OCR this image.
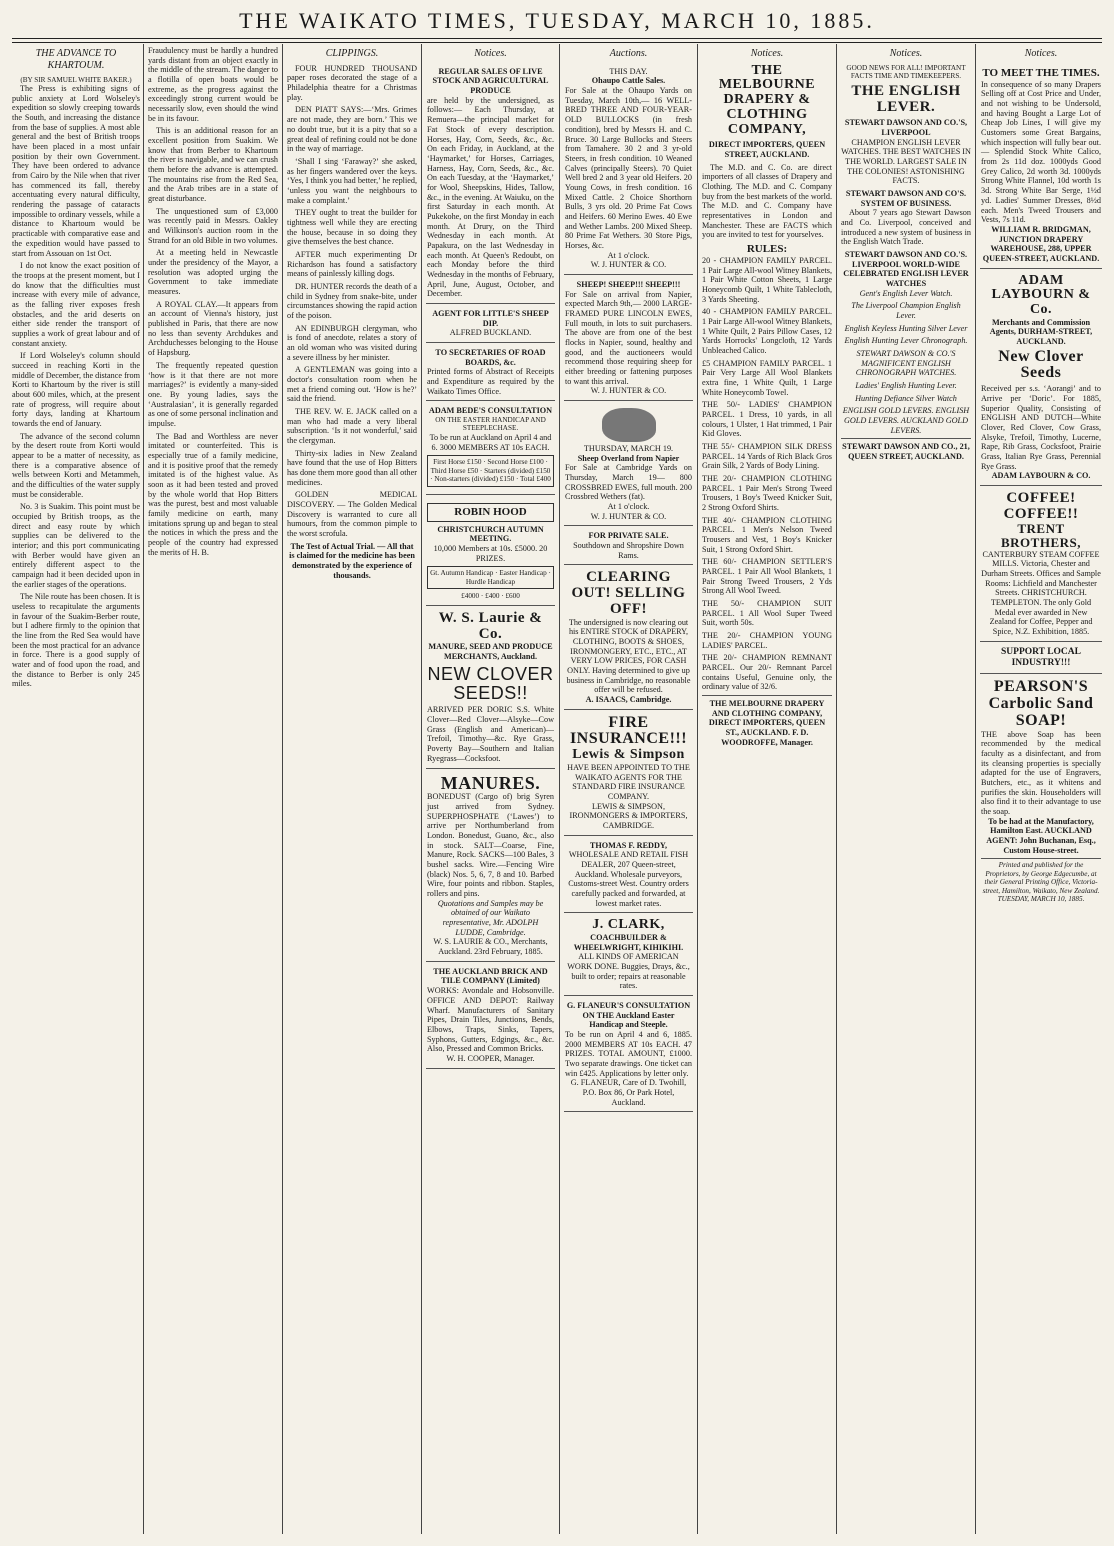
THE WAIKATO TIMES, TUESDAY, MARCH 10, 1885.
THE ADVANCE TO KHARTOUM.
(BY SIR SAMUEL WHITE BAKER.)

The Press is exhibiting signs of public anxiety at Lord Wolseley's expedition so slowly creeping towards the South, and increasing the distance from the base of supplies. A most able general and the best of British troops have been placed in a most unfair position by their own Government. They have been ordered to advance from Cairo by the Nile when that river has commenced its fall, thereby accentuating every natural difficulty, rendering the passage of cataracts impossible to ordinary vessels, while a distance to Khartoum would be practicable with comparative ease and the expedition would have passed to start from Assouan on 1st Oct.

I do not know the exact position of the troops at the present moment, but I do know that the difficulties must increase with every mile of advance, as the falling river exposes fresh obstacles, and the arid deserts on either side render the transport of supplies a work of great labour and of constant anxiety.

If Lord Wolseley's column should succeed in reaching Korti in the middle of December, the distance from Korti to Khartoum by the river is still about 600 miles, which, at the present rate of progress, will require about forty days, landing at Khartoum towards the end of January.

The advance of the second column by the desert route from Korti would appear to be a matter of necessity, as there is a comparative absence of wells between Korti and Metammeh, and the difficulties of the water supply must be considerable.

No. 3 is Suakim. This point must be occupied by British troops, as the direct and easy route by which supplies can be delivered to the interior; and this port communicating with Berber would have given an entirely different aspect to the campaign had it been decided upon in the earlier stages of the operations.

The Nile route has been chosen. It is useless to recapitulate the arguments in favour of the Suakim-Berber route, but I adhere firmly to the opinion that the line from the Red Sea would have been the most practical for an advance in force. There is a good supply of water and of food upon the road, and the distance to Berber is only 245 miles.

Fraudulency must be hardly a hundred yards distant from an object exactly in the middle of the stream. The danger to a flotilla of open boats would be extreme, as the progress against the exceedingly strong current would be necessarily slow, even should the wind be in its favour.

This is an additional reason for an excellent position from Suakim. We know that from Berber to Khartoum the river is navigable, and we can crush them before the advance is attempted. The mountains rise from the Red Sea, and the Arab tribes are in a state of great disturbance.

The unquestioned sum of £3,000 was recently paid in Messrs. Oakley and Wilkinson's auction room in the Strand for an old Bible in two volumes.

At a meeting held in Newcastle under the presidency of the Mayor, a resolution was adopted urging the Government to take immediate measures.

A ROYAL CLAY.—It appears from an account of Vienna's history, just published in Paris, that there are now no less than seventy Archdukes and Archduchesses belonging to the House of Hapsburg.

The frequently repeated question ‘how is it that there are not more marriages?’ is evidently a many-sided one. By young ladies, says the ‘Australasian’, it is generally regarded as one of some personal inclination and impulse.

The Bad and Worthless are never imitated or counterfeited. This is especially true of a family medicine, and it is positive proof that the remedy imitated is of the highest value. As soon as it had been tested and proved by the whole world that Hop Bitters was the purest, best and most valuable family medicine on earth, many imitations sprung up and began to steal the notices in which the press and the people of the country had expressed the merits of H. B.

CLIPPINGS.

FOUR HUNDRED THOUSAND paper roses decorated the stage of a Philadelphia theatre for a Christmas play.

DEN PIATT SAYS:—‘Mrs. Grimes are not made, they are born.’ This we no doubt true, but it is a pity that so a great deal of refining could not be done in the way of marriage.

‘Shall I sing ‘Faraway?’ she asked, as her fingers wandered over the keys. ‘Yes, I think you had better,’ he replied, ‘unless you want the neighbours to make a complaint.’

THEY ought to treat the builder for tightness well while they are erecting the house, because in so doing they give themselves the best chance.

AFTER much experimenting Dr Richardson has found a satisfactory means of painlessly killing dogs.

DR. HUNTER records the death of a child in Sydney from snake-bite, under circumstances showing the rapid action of the poison.

AN EDINBURGH clergyman, who is fond of anecdote, relates a story of an old woman who was visited during a severe illness by her minister.

A GENTLEMAN was going into a doctor's consultation room when he met a friend coming out. ‘How is he?’ said the friend.

THE REV. W. E. JACK called on a man who had made a very liberal subscription. ‘Is it not wonderful,’ said the clergyman.

Thirty-six ladies in New Zealand have found that the use of Hop Bitters has done them more good than all other medicines.

GOLDEN MEDICAL DISCOVERY. — The Golden Medical Discovery is warranted to cure all humours, from the common pimple to the worst scrofula.

The Test of Actual Trial. — All that is claimed for the medicine has been demonstrated by the experience of thousands.

Notices.
REGULAR SALES OF LIVE STOCK AND AGRICULTURAL PRODUCE
are held by the undersigned, as follows:— Each Thursday, at Remuera—the principal market for Fat Stock of every description. Horses, Hay, Corn, Seeds, &c., &c. On each Friday, in Auckland, at the ‘Haymarket,’ for Horses, Carriages, Harness, Hay, Corn, Seeds, &c., &c. On each Tuesday, at the ‘Haymarket,’ for Wool, Sheepskins, Hides, Tallow, &c., in the evening. At Waiuku, on the first Saturday in each month. At Pukekohe, on the first Monday in each month. At Drury, on the Third Wednesday in each month. At Papakura, on the last Wednesday in each month. At Queen's Redoubt, on each Monday before the third Wednesday in the months of February, April, June, August, October, and December.
AGENT FOR LITTLE'S SHEEP DIP.
ALFRED BUCKLAND.
TO SECRETARIES OF ROAD BOARDS, &c.
Printed forms of Abstract of Receipts and Expenditure as required by the Waikato Times Office.
ADAM BEDE'S CONSULTATION
ON THE EASTER HANDICAP AND STEEPLECHASE.
To be run at Auckland on April 4 and 6. 3000 MEMBERS AT 10s EACH.
First Horse £150 · Second Horse £100 · Third Horse £50 · Starters (divided) £150 · Non-starters (divided) £150 · Total £400
ROBIN HOOD
CHRISTCHURCH AUTUMN MEETING.
10,000 Members at 10s. £5000. 20 PRIZES.
Gt. Autumn Handicap · Easter Handicap · Hurdle Handicap
£4000 · £400 · £600
W. S. Laurie & Co.
MANURE, SEED AND PRODUCE MERCHANTS, Auckland.
NEW CLOVER SEEDS!!
ARRIVED PER DORIC S.S. White Clover—Red Clover—Alsyke—Cow Grass (English and American)—Trefoil, Timothy—&c. Rye Grass, Poverty Bay—Southern and Italian Ryegrass—Cocksfoot.
MANURES.
BONEDUST (Cargo of) brig Syren just arrived from Sydney. SUPERPHOSPHATE (‘Lawes’) to arrive per Northumberland from London. Bonedust, Guano, &c., also in stock. SALT—Coarse, Fine, Manure, Rock. SACKS—100 Bales, 3 bushel sacks. Wire.—Fencing Wire (black) Nos. 5, 6, 7, 8 and 10. Barbed Wire, four points and ribbon. Staples, rollers and pins.
Quotations and Samples may be obtained of our Waikato representative, Mr. ADOLPH LUDDE, Cambridge.
W. S. LAURIE & CO., Merchants, Auckland. 23rd February, 1885.
THE AUCKLAND BRICK AND TILE COMPANY (Limited)
WORKS: Avondale and Hobsonville. OFFICE AND DEPOT: Railway Wharf. Manufacturers of Sanitary Pipes, Drain Tiles, Junctions, Bends, Elbows, Traps, Sinks, Tapers, Syphons, Gutters, Edgings, &c., &c. Also, Pressed and Common Bricks.
W. H. COOPER, Manager.
Auctions.
THIS DAY.
Ohaupo Cattle Sales.
For Sale at the Ohaupo Yards on Tuesday, March 10th,— 16 WELL-BRED THREE AND FOUR-YEAR-OLD BULLOCKS (in fresh condition), bred by Messrs H. and C. Bruce. 30 Large Bullocks and Steers from Tamahere. 30 2 and 3 yr-old Steers, in fresh condition. 10 Weaned Calves (principally Steers). 70 Quiet Well bred 2 and 3 year old Heifers. 20 Young Cows, in fresh condition. 16 Mixed Cattle. 2 Choice Shorthorn Bulls, 3 yrs old. 20 Prime Fat Cows and Heifers. 60 Merino Ewes. 40 Ewe and Wether Lambs. 200 Mixed Sheep. 80 Prime Fat Wethers. 30 Store Pigs, Horses, &c.
At 1 o'clock.
W. J. HUNTER & CO.
SHEEP! SHEEP!!! SHEEP!!!
For Sale on arrival from Napier, expected March 9th,— 2000 LARGE-FRAMED PURE LINCOLN EWES, Full mouth, in lots to suit purchasers. The above are from one of the best flocks in Napier, sound, healthy and good, and the auctioneers would recommend those requiring sheep for either breeding or fattening purposes to want this arrival.
W. J. HUNTER & CO.
THURSDAY, MARCH 19.
Sheep Overland from Napier
For Sale at Cambridge Yards on Thursday, March 19— 800 CROSSBRED EWES, full mouth. 200 Crossbred Wethers (fat).
At 1 o'clock.
W. J. HUNTER & CO.
FOR PRIVATE SALE.
Southdown and Shropshire Down Rams.
CLEARING OUT! SELLING OFF!
The undersigned is now clearing out his ENTIRE STOCK of DRAPERY, CLOTHING, BOOTS & SHOES, IRONMONGERY, ETC., ETC., AT VERY LOW PRICES, FOR CASH ONLY. Having determined to give up business in Cambridge, no reasonable offer will be refused.
A. ISAACS, Cambridge.
FIRE INSURANCE!!!
Lewis & Simpson
HAVE BEEN APPOINTED TO THE WAIKATO AGENTS FOR THE STANDARD FIRE INSURANCE COMPANY.
LEWIS & SIMPSON, IRONMONGERS & IMPORTERS, CAMBRIDGE.
THOMAS F. REDDY,
WHOLESALE AND RETAIL FISH DEALER, 207 Queen-street, Auckland. Wholesale purveyors, Customs-street West. Country orders carefully packed and forwarded, at lowest market rates.
J. CLARK,
COACHBUILDER & WHEELWRIGHT, KIHIKIHI.
ALL KINDS OF AMERICAN WORK DONE. Buggies, Drays, &c., built to order; repairs at reasonable rates.
G. FLANEUR'S CONSULTATION
ON THE Auckland Easter Handicap and Steeple.
To be run on April 4 and 6, 1885. 2000 MEMBERS AT 10s EACH. 47 PRIZES. TOTAL AMOUNT, £1000. Two separate drawings. One ticket can win £425. Applications by letter only.
G. FLANEUR, Care of D. Twohill, P.O. Box 86, Or Park Hotel, Auckland.
Notices.
THE MELBOURNE DRAPERY & CLOTHING COMPANY,
DIRECT IMPORTERS, QUEEN STREET, AUCKLAND.

The M.D. and C. Co. are direct importers of all classes of Drapery and Clothing. The M.D. and C. Company buy from the best markets of the world. The M.D. and C. Company have representatives in London and Manchester. These are FACTS which you are invited to test for yourselves.

RULES:

20 - CHAMPION FAMILY PARCEL. 1 Pair Large All-wool Witney Blankets, 1 Pair White Cotton Sheets, 1 Large Honeycomb Quilt, 1 White Tablecloth, 3 Yards Sheeting.

40 - CHAMPION FAMILY PARCEL. 1 Pair Large All-wool Witney Blankets, 1 White Quilt, 2 Pairs Pillow Cases, 12 Yards Horrocks' Longcloth, 12 Yards Unbleached Calico.

£5 CHAMPION FAMILY PARCEL. 1 Pair Very Large All Wool Blankets extra fine, 1 White Quilt, 1 Large White Honeycomb Towel.

THE 50/- LADIES' CHAMPION PARCEL. 1 Dress, 10 yards, in all colours, 1 Ulster, 1 Hat trimmed, 1 Pair Kid Gloves.

THE 55/- CHAMPION SILK DRESS PARCEL. 14 Yards of Rich Black Gros Grain Silk, 2 Yards of Body Lining.

THE 20/- CHAMPION CLOTHING PARCEL. 1 Pair Men's Strong Tweed Trousers, 1 Boy's Tweed Knicker Suit, 2 Strong Oxford Shirts.

THE 40/- CHAMPION CLOTHING PARCEL. 1 Men's Nelson Tweed Trousers and Vest, 1 Boy's Knicker Suit, 1 Strong Oxford Shirt.

THE 60/- CHAMPION SETTLER'S PARCEL. 1 Pair All Wool Blankets, 1 Pair Strong Tweed Trousers, 2 Yds Strong All Wool Tweed.

THE 50/- CHAMPION SUIT PARCEL. 1 All Wool Super Tweed Suit, worth 50s.

THE 20/- CHAMPION YOUNG LADIES' PARCEL.

THE 20/- CHAMPION REMNANT PARCEL. Our 20/- Remnant Parcel contains Useful, Genuine only, the ordinary value of 32/6.

THE MELBOURNE DRAPERY AND CLOTHING COMPANY, DIRECT IMPORTERS, QUEEN ST., AUCKLAND. F. D. WOODROFFE, Manager.
Notices.
GOOD NEWS FOR ALL! IMPORTANT FACTS TIME AND TIMEKEEPERS.
THE ENGLISH LEVER.
STEWART DAWSON AND CO.'S, LIVERPOOL

CHAMPION ENGLISH LEVER WATCHES. THE BEST WATCHES IN THE WORLD. LARGEST SALE IN THE COLONIES! ASTONISHING FACTS.

STEWART DAWSON AND CO'S. SYSTEM OF BUSINESS.

About 7 years ago Stewart Dawson and Co. Liverpool, conceived and introduced a new system of business in the English Watch Trade.

STEWART DAWSON AND CO.'S. LIVERPOOL WORLD-WIDE CELEBRATED ENGLISH LEVER WATCHES

Gent's English Lever Watch.

The Liverpool Champion English Lever.

English Keyless Hunting Silver Lever

English Hunting Lever Chronograph.

STEWART DAWSON & CO.'S MAGNIFICENT ENGLISH CHRONOGRAPH WATCHES.

Ladies' English Hunting Lever.

Hunting Defiance Silver Watch

ENGLISH GOLD LEVERS. ENGLISH GOLD LEVERS. AUCKLAND GOLD LEVERS.

STEWART DAWSON AND CO., 21, QUEEN STREET, AUCKLAND.
Notices.
TO MEET THE TIMES.
In consequence of so many Drapers Selling off at Cost Price and Under, and not wishing to be Undersold, and having Bought a Large Lot of Cheap Job Lines, I will give my Customers some Great Bargains, which inspection will fully bear out.— Splendid Stock White Calico, from 2s 11d doz. 1000yds Good Grey Calico, 2d worth 3d. 1000yds Strong White Flannel, 10d worth 1s 3d. Strong White Bar Serge, 1½d yd. Ladies' Summer Dresses, 8½d each. Men's Tweed Trousers and Vests, 7s 11d.
WILLIAM R. BRIDGMAN, JUNCTION DRAPERY WAREHOUSE, 288, UPPER QUEEN-STREET, AUCKLAND.
ADAM LAYBOURN & Co.
Merchants and Commission Agents, DURHAM-STREET, AUCKLAND.
New Clover Seeds
Received per s.s. ‘Aorangi’ and to Arrive per ‘Doric’. For 1885, Superior Quality, Consisting of ENGLISH AND DUTCH—White Clover, Red Clover, Cow Grass, Alsyke, Trefoil, Timothy, Lucerne, Rape, Rib Grass, Cocksfoot, Prairie Grass, Italian Rye Grass, Perennial Rye Grass.
ADAM LAYBOURN & CO.
COFFEE! COFFEE!!
TRENT BROTHERS,
CANTERBURY STEAM COFFEE MILLS. Victoria, Chester and Durham Streets. Offices and Sample Rooms: Lichfield and Manchester Streets. CHRISTCHURCH. TEMPLETON. The only Gold Medal ever awarded in New Zealand for Coffee, Pepper and Spice, N.Z. Exhibition, 1885.
SUPPORT LOCAL INDUSTRY!!!
PEARSON'S Carbolic Sand SOAP!
THE above Soap has been recommended by the medical faculty as a disinfectant, and from its cleansing properties is specially adapted for the use of Engravers, Butchers, etc., as it whitens and purifies the skin. Householders will also find it to their advantage to use the soap.
To be had at the Manufactory, Hamilton East. AUCKLAND AGENT: John Buchanan, Esq., Custom House-street.
Printed and published for the Proprietors, by George Edgecumbe, at their General Printing Office, Victoria-street, Hamilton, Waikato, New Zealand. TUESDAY, MARCH 10, 1885.
